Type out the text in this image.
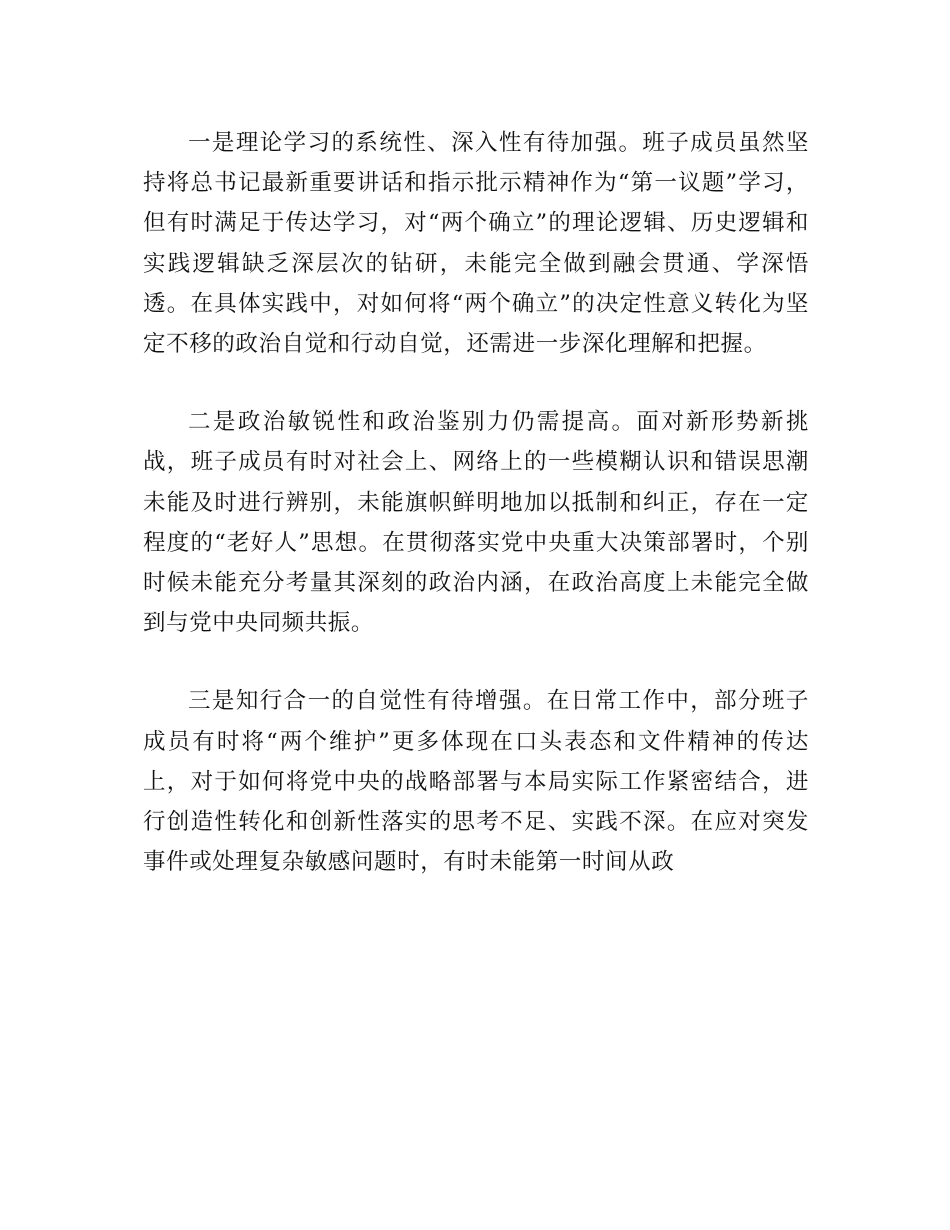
一是理论学习的系统性、深入性有待加强。班子成员虽然坚持将总书记最新重要讲话和指示批示精神作为“第一议题”学习，但有时满足于传达学习，对“两个确立”的理论逻辑、历史逻辑和实践逻辑缺乏深层次的钻研，未能完全做到融会贯通、学深悟透。在具体实践中，对如何将“两个确立”的决定性意义转化为坚定不移的政治自觉和行动自觉，还需进一步深化理解和把握。

二是政治敏锐性和政治鉴别力仍需提高。面对新形势新挑战，班子成员有时对社会上、网络上的一些模糊认识和错误思潮未能及时进行辨别，未能旗帜鲜明地加以抵制和纠正，存在一定程度的“老好人”思想。在贯彻落实党中央重大决策部署时，个别时候未能充分考量其深刻的政治内涵，在政治高度上未能完全做到与党中央同频共振。

三是知行合一的自觉性有待增强。在日常工作中，部分班子成员有时将“两个维护”更多体现在口头表态和文件精神的传达上，对于如何将党中央的战略部署与本局实际工作紧密结合，进行创造性转化和创新性落实的思考不足、实践不深。在应对突发事件或处理复杂敏感问题时，有时未能第一时间从政
